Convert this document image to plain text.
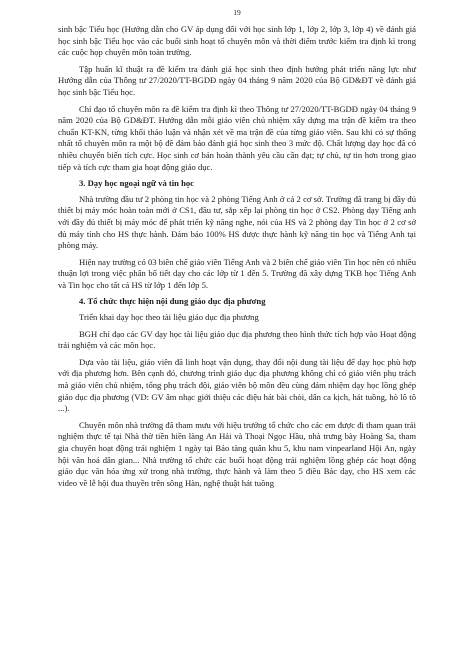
19

sinh bậc Tiểu học (Hướng dẫn cho GV áp dụng đối với học sinh lớp 1, lớp 2, lớp 3, lớp 4) về đánh giá học sinh bậc Tiểu học vào các buổi sinh hoạt tổ chuyên môn và thời điểm trước kiểm tra định kì trong các cuộc họp chuyên môn toàn trường.

Tập huấn kĩ thuật ra đề kiểm tra đánh giá học sinh theo định hướng phát triển năng lực như Hướng dẫn của Thông tư 27/2020/TT-BGDĐ ngày 04 tháng 9 năm 2020 của Bộ GD&ĐT về đánh giá học sinh bậc Tiểu học.

Chỉ đạo tổ chuyên môn ra đề kiểm tra định kì theo Thông tư 27/2020/TT-BGDĐ ngày 04 tháng 9 năm 2020 của Bộ GD&ĐT. Hướng dẫn mỗi giáo viên chủ nhiệm xây dựng ma trận đề kiểm tra theo chuẩn KT-KN, từng khối thảo luận và nhận xét về ma trận đề của từng giáo viên. Sau khi có sự thống nhất tổ chuyên môn ra một bộ đề đảm bảo đánh giá học sinh theo 3 mức độ. Chất lượng dạy học đã có nhiều chuyển biến tích cực. Học sinh cơ bản hoàn thành yêu cầu cần đạt; tự chủ, tự tin hơn trong giao tiếp và tích cực tham gia hoạt động giáo dục.

3. Dạy học ngoại ngữ và tin học

Nhà trường đầu tư 2 phòng tin học và 2 phòng Tiếng Anh ở cả 2 cơ sở. Trường đã trang bị đầy đủ thiết bị máy móc hoàn toàn mới ở CS1, đầu tư, sắp xếp lại phòng tin học ở CS2. Phòng dạy Tiếng anh với đầy đủ thiết bị máy móc để phát triển kỹ năng nghe, nói của HS và 2 phòng dạy Tin học ở 2 cơ sở đủ máy tính cho HS thực hành. Đảm bảo 100% HS được thực hành kỹ năng tin học và Tiếng Anh tại phòng máy.

Hiện nay trường có 03 biên chế giáo viên Tiếng Anh và 2 biên chế giáo viên Tin học nên có nhiều thuận lợi trong việc phân bố tiết dạy cho các lớp từ 1 đến 5. Trường đã xây dựng TKB học Tiếng Anh và Tin học cho tất cả HS từ lớp 1 đến lớp 5.

4. Tổ chức thực hiện nội dung giáo dục địa phương

Triển khai dạy học theo tài liệu giáo dục địa phương

BGH chỉ đạo các GV dạy học tài liệu giáo dục địa phương theo hình thức tích hợp vào Hoạt động trải nghiệm và các môn học.

Dựa vào tài liệu, giáo viên đã linh hoạt vận dụng, thay đổi nội dung tài liệu để dạy học phù hợp với địa phương hơn. Bên cạnh đó, chương trình giáo dục địa phương không chỉ có giáo viên phụ trách mà giáo viên chủ nhiệm, tổng phụ trách đội, giáo viên bộ môn đều cùng đảm nhiệm dạy học lồng ghép giáo dục địa phương (VD: GV âm nhạc giới thiệu các điệu hát bài chòi, dân ca kịch, hát tuồng, hò lô tô ...).

Chuyên môn nhà trường đã tham mưu với hiệu trưởng tổ chức cho các em được đi tham quan trải nghiệm thực tế tại Nhà thờ tiền hiền làng An Hải và Thoại Ngọc Hầu, nhà trưng bày Hoàng Sa, tham gia chuyên hoạt động trải nghiệm 1 ngày tại Bảo tàng quân khu 5, khu nam vinpearland Hội An, ngày hội văn hoá dân gian... Nhà trường tổ chức các buổi hoạt động trải nghiệm lồng ghép các hoạt động giáo dục văn hóa ứng xử trong nhà trường, thực hành và làm theo 5 điều Bác dạy, cho HS xem các video về lễ hội đua thuyền trên sông Hàn, nghệ thuật hát tuồng
